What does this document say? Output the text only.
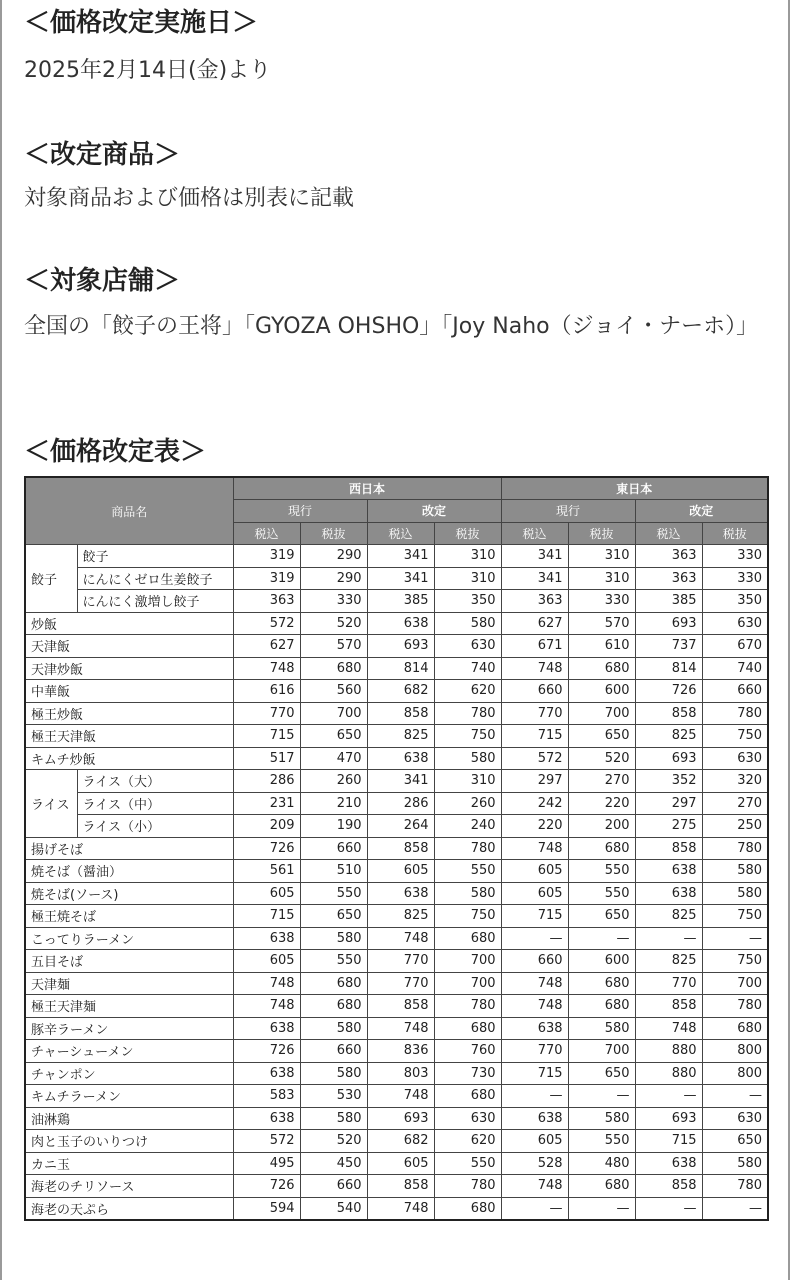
＜価格改定実施日＞

2025年2月14日(金)より

＜改定商品＞

対象商品および価格は別表に記載

＜対象店舗＞

全国の「餃子の王将」「GYOZA OHSHO」「Joy Naho（ジョイ・ナーホ）」

＜価格改定表＞
商品名		西日本				東日本			
		現行		改定		現行		改定	
		税込	税抜	税込	税抜	税込	税抜	税込	税抜
餃子	餃子	319	290	341	310	341	310	363	330
	にんにくゼロ生姜餃子	319	290	341	310	341	310	363	330
	にんにく激増し餃子	363	330	385	350	363	330	385	350
炒飯		572	520	638	580	627	570	693	630
天津飯		627	570	693	630	671	610	737	670
天津炒飯		748	680	814	740	748	680	814	740
中華飯		616	560	682	620	660	600	726	660
極王炒飯		770	700	858	780	770	700	858	780
極王天津飯		715	650	825	750	715	650	825	750
キムチ炒飯		517	470	638	580	572	520	693	630
ライス	ライス（大）	286	260	341	310	297	270	352	320
	ライス（中）	231	210	286	260	242	220	297	270
	ライス（小）	209	190	264	240	220	200	275	250
揚げそば		726	660	858	780	748	680	858	780
焼そば（醤油）		561	510	605	550	605	550	638	580
焼そば(ソース)		605	550	638	580	605	550	638	580
極王焼そば		715	650	825	750	715	650	825	750
こってりラーメン		638	580	748	680	—	—	—	—
五目そば		605	550	770	700	660	600	825	750
天津麺		748	680	770	700	748	680	770	700
極王天津麺		748	680	858	780	748	680	858	780
豚辛ラーメン		638	580	748	680	638	580	748	680
チャーシューメン		726	660	836	760	770	700	880	800
チャンポン		638	580	803	730	715	650	880	800
キムチラーメン		583	530	748	680	—	—	—	—
油淋鶏		638	580	693	630	638	580	693	630
肉と玉子のいりつけ		572	520	682	620	605	550	715	650
カニ玉		495	450	605	550	528	480	638	580
海老のチリソース		726	660	858	780	748	680	858	780
海老の天ぷら		594	540	748	680	—	—	—	—
